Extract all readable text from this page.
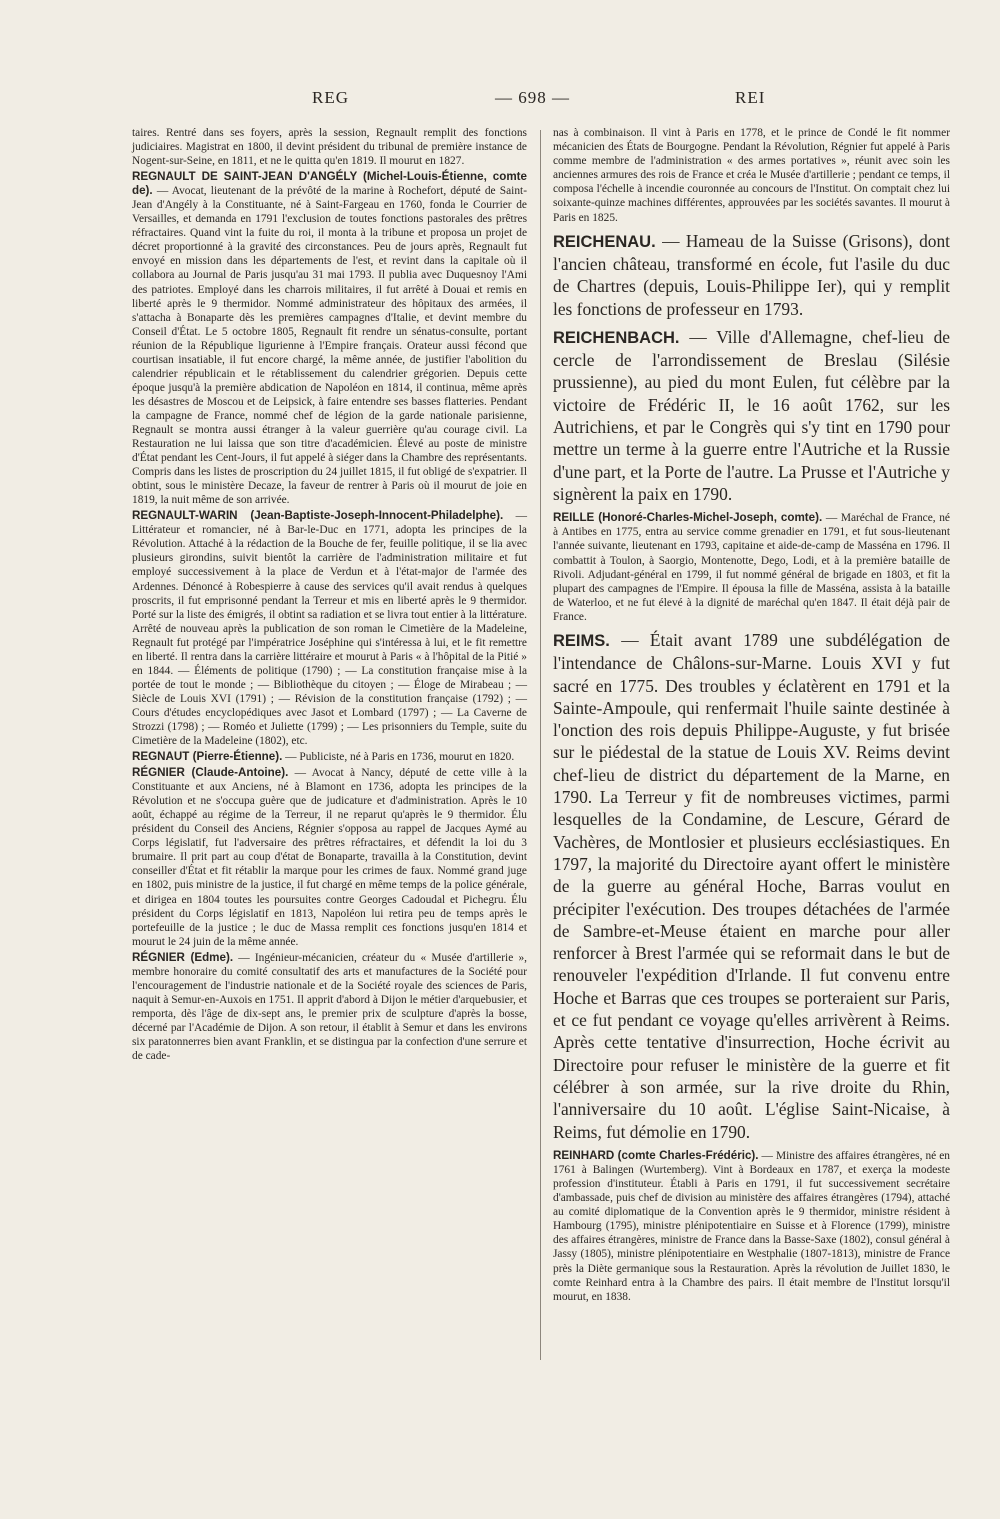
REG	— 698 —	REI

taires. Rentré dans ses foyers, après la session, Regnault remplit des fonctions judiciaires. Magistrat en 1800, il devint président du tribunal de première instance de Nogent-sur-Seine, en 1811, et ne le quitta qu'en 1819. Il mourut en 1827.

REGNAULT DE SAINT-JEAN D'ANGÉLY (Michel-Louis-Étienne, comte de). — Avocat, lieutenant de la prévôté de la marine à Rochefort, député de Saint-Jean d'Angély à la Constituante, né à Saint-Fargeau en 1760, fonda le Courrier de Versailles, et demanda en 1791 l'exclusion de toutes fonctions pastorales des prêtres réfractaires. Quand vint la fuite du roi, il monta à la tribune et proposa un projet de décret proportionné à la gravité des circonstances. Peu de jours après, Regnault fut envoyé en mission dans les départements de l'est, et revint dans la capitale où il collabora au Journal de Paris jusqu'au 31 mai 1793. Il publia avec Duquesnoy l'Ami des patriotes. Employé dans les charrois militaires, il fut arrêté à Douai et remis en liberté après le 9 thermidor. Nommé administrateur des hôpitaux des armées, il s'attacha à Bonaparte dès les premières campagnes d'Italie, et devint membre du Conseil d'État. Le 5 octobre 1805, Regnault fit rendre un sénatus-consulte, portant réunion de la République ligurienne à l'Empire français. Orateur aussi fécond que courtisan insatiable, il fut encore chargé, la même année, de justifier l'abolition du calendrier républicain et le rétablissement du calendrier grégorien. Depuis cette époque jusqu'à la première abdication de Napoléon en 1814, il continua, même après les désastres de Moscou et de Leipsick, à faire entendre ses basses flatteries. Pendant la campagne de France, nommé chef de légion de la garde nationale parisienne, Regnault se montra aussi étranger à la valeur guerrière qu'au courage civil. La Restauration ne lui laissa que son titre d'académicien. Élevé au poste de ministre d'État pendant les Cent-Jours, il fut appelé à siéger dans la Chambre des représentants. Compris dans les listes de proscription du 24 juillet 1815, il fut obligé de s'expatrier. Il obtint, sous le ministère Decaze, la faveur de rentrer à Paris où il mourut de joie en 1819, la nuit même de son arrivée.

REGNAULT-WARIN (Jean-Baptiste-Joseph-Innocent-Philadelphe). — Littérateur et romancier, né à Bar-le-Duc en 1771, adopta les principes de la Révolution. Attaché à la rédaction de la Bouche de fer, feuille politique, il se lia avec plusieurs girondins, suivit bientôt la carrière de l'administration militaire et fut employé successivement à la place de Verdun et à l'état-major de l'armée des Ardennes. Dénoncé à Robespierre à cause des services qu'il avait rendus à quelques proscrits, il fut emprisonné pendant la Terreur et mis en liberté après le 9 thermidor. Porté sur la liste des émigrés, il obtint sa radiation et se livra tout entier à la littérature. Arrêté de nouveau après la publication de son roman le Cimetière de la Madeleine, Regnault fut protégé par l'impératrice Joséphine qui s'intéressa à lui, et le fit remettre en liberté. Il rentra dans la carrière littéraire et mourut à Paris « à l'hôpital de la Pitié » en 1844. — Éléments de politique (1790) ; — La constitution française mise à la portée de tout le monde ; — Bibliothèque du citoyen ; — Éloge de Mirabeau ; — Siècle de Louis XVI (1791) ; — Révision de la constitution française (1792) ; — Cours d'études encyclopédiques avec Jasot et Lombard (1797) ; — La Caverne de Strozzi (1798) ; — Roméo et Juliette (1799) ; — Les prisonniers du Temple, suite du Cimetière de la Madeleine (1802), etc.

REGNAUT (Pierre-Étienne). — Publiciste, né à Paris en 1736, mourut en 1820.

RÉGNIER (Claude-Antoine). — Avocat à Nancy, député de cette ville à la Constituante et aux Anciens, né à Blamont en 1736, adopta les principes de la Révolution et ne s'occupa guère que de judicature et d'administration. Après le 10 août, échappé au régime de la Terreur, il ne reparut qu'après le 9 thermidor. Élu président du Conseil des Anciens, Régnier s'opposa au rappel de Jacques Aymé au Corps législatif, fut l'adversaire des prêtres réfractaires, et défendit la loi du 3 brumaire. Il prit part au coup d'état de Bonaparte, travailla à la Constitution, devint conseiller d'État et fit rétablir la marque pour les crimes de faux. Nommé grand juge en 1802, puis ministre de la justice, il fut chargé en même temps de la police générale, et dirigea en 1804 toutes les poursuites contre Georges Cadoudal et Pichegru. Élu président du Corps législatif en 1813, Napoléon lui retira peu de temps après le portefeuille de la justice ; le duc de Massa remplit ces fonctions jusqu'en 1814 et mourut le 24 juin de la même année.

RÉGNIER (Edme). — Ingénieur-mécanicien, créateur du « Musée d'artillerie », membre honoraire du comité consultatif des arts et manufactures de la Société pour l'encouragement de l'industrie nationale et de la Société royale des sciences de Paris, naquit à Semur-en-Auxois en 1751. Il apprit d'abord à Dijon le métier d'arquebusier, et remporta, dès l'âge de dix-sept ans, le premier prix de sculpture d'après la bosse, décerné par l'Académie de Dijon. A son retour, il établit à Semur et dans les environs six paratonnerres bien avant Franklin, et se distingua par la confection d'une serrure et de cade-

nas à combinaison. Il vint à Paris en 1778, et le prince de Condé le fit nommer mécanicien des États de Bourgogne. Pendant la Révolution, Régnier fut appelé à Paris comme membre de l'administration « des armes portatives », réunit avec soin les anciennes armures des rois de France et créa le Musée d'artillerie ; pendant ce temps, il composa l'échelle à incendie couronnée au concours de l'Institut. On comptait chez lui soixante-quinze machines différentes, approuvées par les sociétés savantes. Il mourut à Paris en 1825.

REICHENAU. — Hameau de la Suisse (Grisons), dont l'ancien château, transformé en école, fut l'asile du duc de Chartres (depuis, Louis-Philippe Ier), qui y remplit les fonctions de professeur en 1793.

REICHENBACH. — Ville d'Allemagne, chef-lieu de cercle de l'arrondissement de Breslau (Silésie prussienne), au pied du mont Eulen, fut célèbre par la victoire de Frédéric II, le 16 août 1762, sur les Autrichiens, et par le Congrès qui s'y tint en 1790 pour mettre un terme à la guerre entre l'Autriche et la Russie d'une part, et la Porte de l'autre. La Prusse et l'Autriche y signèrent la paix en 1790.

REILLE (Honoré-Charles-Michel-Joseph, comte). — Maréchal de France, né à Antibes en 1775, entra au service comme grenadier en 1791, et fut sous-lieutenant l'année suivante, lieutenant en 1793, capitaine et aide-de-camp de Masséna en 1796. Il combattit à Toulon, à Saorgio, Montenotte, Dego, Lodi, et à la première bataille de Rivoli. Adjudant-général en 1799, il fut nommé général de brigade en 1803, et fit la plupart des campagnes de l'Empire. Il épousa la fille de Masséna, assista à la bataille de Waterloo, et ne fut élevé à la dignité de maréchal qu'en 1847. Il était déjà pair de France.

REIMS. — Était avant 1789 une subdélégation de l'intendance de Châlons-sur-Marne. Louis XVI y fut sacré en 1775. Des troubles y éclatèrent en 1791 et la Sainte-Ampoule, qui renfermait l'huile sainte destinée à l'onction des rois depuis Philippe-Auguste, y fut brisée sur le piédestal de la statue de Louis XV. Reims devint chef-lieu de district du département de la Marne, en 1790. La Terreur y fit de nombreuses victimes, parmi lesquelles de la Condamine, de Lescure, Gérard de Vachères, de Montlosier et plusieurs ecclésiastiques. En 1797, la majorité du Directoire ayant offert le ministère de la guerre au général Hoche, Barras voulut en précipiter l'exécution. Des troupes détachées de l'armée de Sambre-et-Meuse étaient en marche pour aller renforcer à Brest l'armée qui se reformait dans le but de renouveler l'expédition d'Irlande. Il fut convenu entre Hoche et Barras que ces troupes se porteraient sur Paris, et ce fut pendant ce voyage qu'elles arrivèrent à Reims. Après cette tentative d'insurrection, Hoche écrivit au Directoire pour refuser le ministère de la guerre et fit célébrer à son armée, sur la rive droite du Rhin, l'anniversaire du 10 août. L'église Saint-Nicaise, à Reims, fut démolie en 1790.

REINHARD (comte Charles-Frédéric). — Ministre des affaires étrangères, né en 1761 à Balingen (Wurtemberg). Vint à Bordeaux en 1787, et exerça la modeste profession d'instituteur. Établi à Paris en 1791, il fut successivement secrétaire d'ambassade, puis chef de division au ministère des affaires étrangères (1794), attaché au comité diplomatique de la Convention après le 9 thermidor, ministre résident à Hambourg (1795), ministre plénipotentiaire en Suisse et à Florence (1799), ministre des affaires étrangères, ministre de France dans la Basse-Saxe (1802), consul général à Jassy (1805), ministre plénipotentiaire en Westphalie (1807-1813), ministre de France près la Diète germanique sous la Restauration. Après la révolution de Juillet 1830, le comte Reinhard entra à la Chambre des pairs. Il était membre de l'Institut lorsqu'il mourut, en 1838.
